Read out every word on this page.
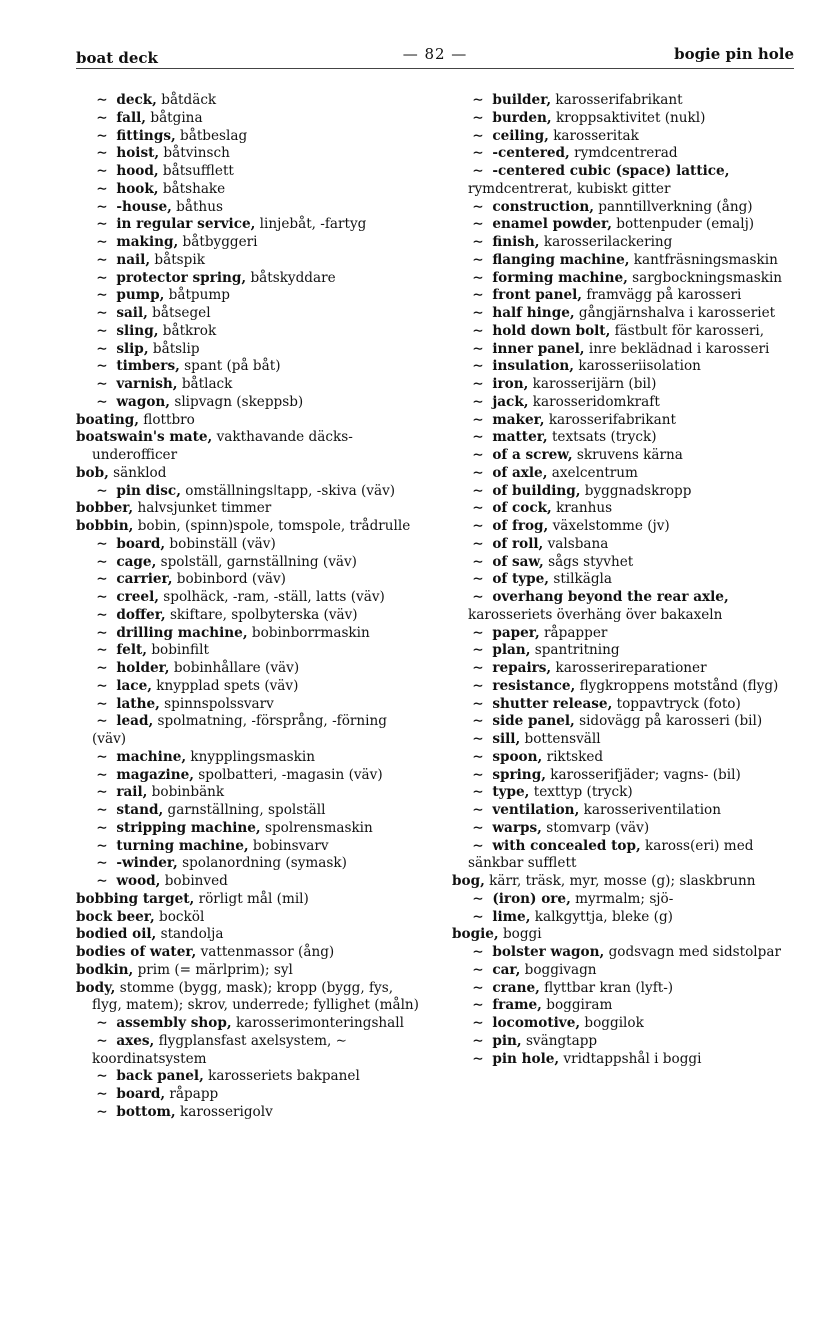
boat deck	— 82 —	bogie pin hole
∼ deck, båtdäck
∼ fall, båtgina
∼ fittings, båtbeslag
∼ hoist, båtvinsch
∼ hood, båtsufflett
∼ hook, båtshake
∼ -house, båthus
∼ in regular service, linjebåt, -fartyg
∼ making, båtbyggeri
∼ nail, båtspik
∼ protector spring, båtskyddare
∼ pump, båtpump
∼ sail, båtsegel
∼ sling, båtkrok
∼ slip, båtslip
∼ timbers, spant (på båt)
∼ varnish, båtlack
∼ wagon, slipvagn (skeppsb)
boating, flottbro
boatswain's mate, vakthavande däcksunderofficer
bob, sänklod
∼ pin disc, omställningsǀtapp, -skiva (väv)
bobber, halvsjunket timmer
bobbin, bobin, (spinn)spole, tomspole, trådrulle
∼ board, bobinställ (väv)
∼ cage, spolställ, garnställning (väv)
∼ carrier, bobinbord (väv)
∼ creel, spolhäck, -ram, -ställ, latts (väv)
∼ doffer, skiftare, spolbyterska (väv)
∼ drilling machine, bobinborrmaskin
∼ felt, bobinfilt
∼ holder, bobinhållare (väv)
∼ lace, knypplad spets (väv)
∼ lathe, spinnspolssvarv
∼ lead, spolmatning, -försprång, -förning (väv)
∼ machine, knypplingsmaskin
∼ magazine, spolbatteri, -magasin (väv)
∼ rail, bobinbänk
∼ stand, garnställning, spolställ
∼ stripping machine, spolrensmaskin
∼ turning machine, bobinsvarv
∼ -winder, spolanordning (symask)
∼ wood, bobinved
bobbing target, rörligt mål (mil)
bock beer, bocköl
bodied oil, standolja
bodies of water, vattenmassor (ång)
bodkin, prim (= märlprim); syl
body, stomme (bygg, mask); kropp (bygg, fys, flyg, matem); skrov, underrede; fyllighet (måln)
∼ assembly shop, karosserimonteringshall
∼ axes, flygplansfast axelsystem, ∼ koordinatsystem
∼ back panel, karosseriets bakpanel
∼ board, råpapp
∼ bottom, karosserigolv
∼ builder, karosserifabrikant
∼ burden, kroppsaktivitet (nukl)
∼ ceiling, karosseritak
∼ -centered, rymdcentrerad
∼ -centered cubic (space) lattice, rymdcentrerat, kubiskt gitter
∼ construction, panntillverkning (ång)
∼ enamel powder, bottenpuder (emalj)
∼ finish, karosserilackering
∼ flanging machine, kantfräsningsmaskin
∼ forming machine, sargbockningsmaskin
∼ front panel, framvägg på karosseri
∼ half hinge, gångjärnshalva i karosseriet
∼ hold down bolt, fästbult för karosseri,
∼ inner panel, inre beklädnad i karosseri
∼ insulation, karosseriisolation
∼ iron, karosserijärn (bil)
∼ jack, karosseridomkraft
∼ maker, karosserifabrikant
∼ matter, textsats (tryck)
∼ of a screw, skruvens kärna
∼ of axle, axelcentrum
∼ of building, byggnadskropp
∼ of cock, kranhus
∼ of frog, växelstomme (jv)
∼ of roll, valsbana
∼ of saw, sågs styvhet
∼ of type, stilkägla
∼ overhang beyond the rear axle, karosseriets överhäng över bakaxeln
∼ paper, råpapper
∼ plan, spantritning
∼ repairs, karosserireparationer
∼ resistance, flygkroppens motstånd (flyg)
∼ shutter release, toppavtryck (foto)
∼ side panel, sidovägg på karosseri (bil)
∼ sill, bottensväll
∼ spoon, riktsked
∼ spring, karosserifjäder; vagns- (bil)
∼ type, texttyp (tryck)
∼ ventilation, karosseriventilation
∼ warps, stomvarp (väv)
∼ with concealed top, kaross(eri) med sänkbar sufflett
bog, kärr, träsk, myr, mosse (g); slaskbrunn
∼ (iron) ore, myrmalm; sjö-
∼ lime, kalkgyttja, bleke (g)
bogie, boggi
∼ bolster wagon, godsvagn med sidstolpar
∼ car, boggivagn
∼ crane, flyttbar kran (lyft-)
∼ frame, boggiram
∼ locomotive, boggilok
∼ pin, svängtapp
∼ pin hole, vridtappshål i boggi
